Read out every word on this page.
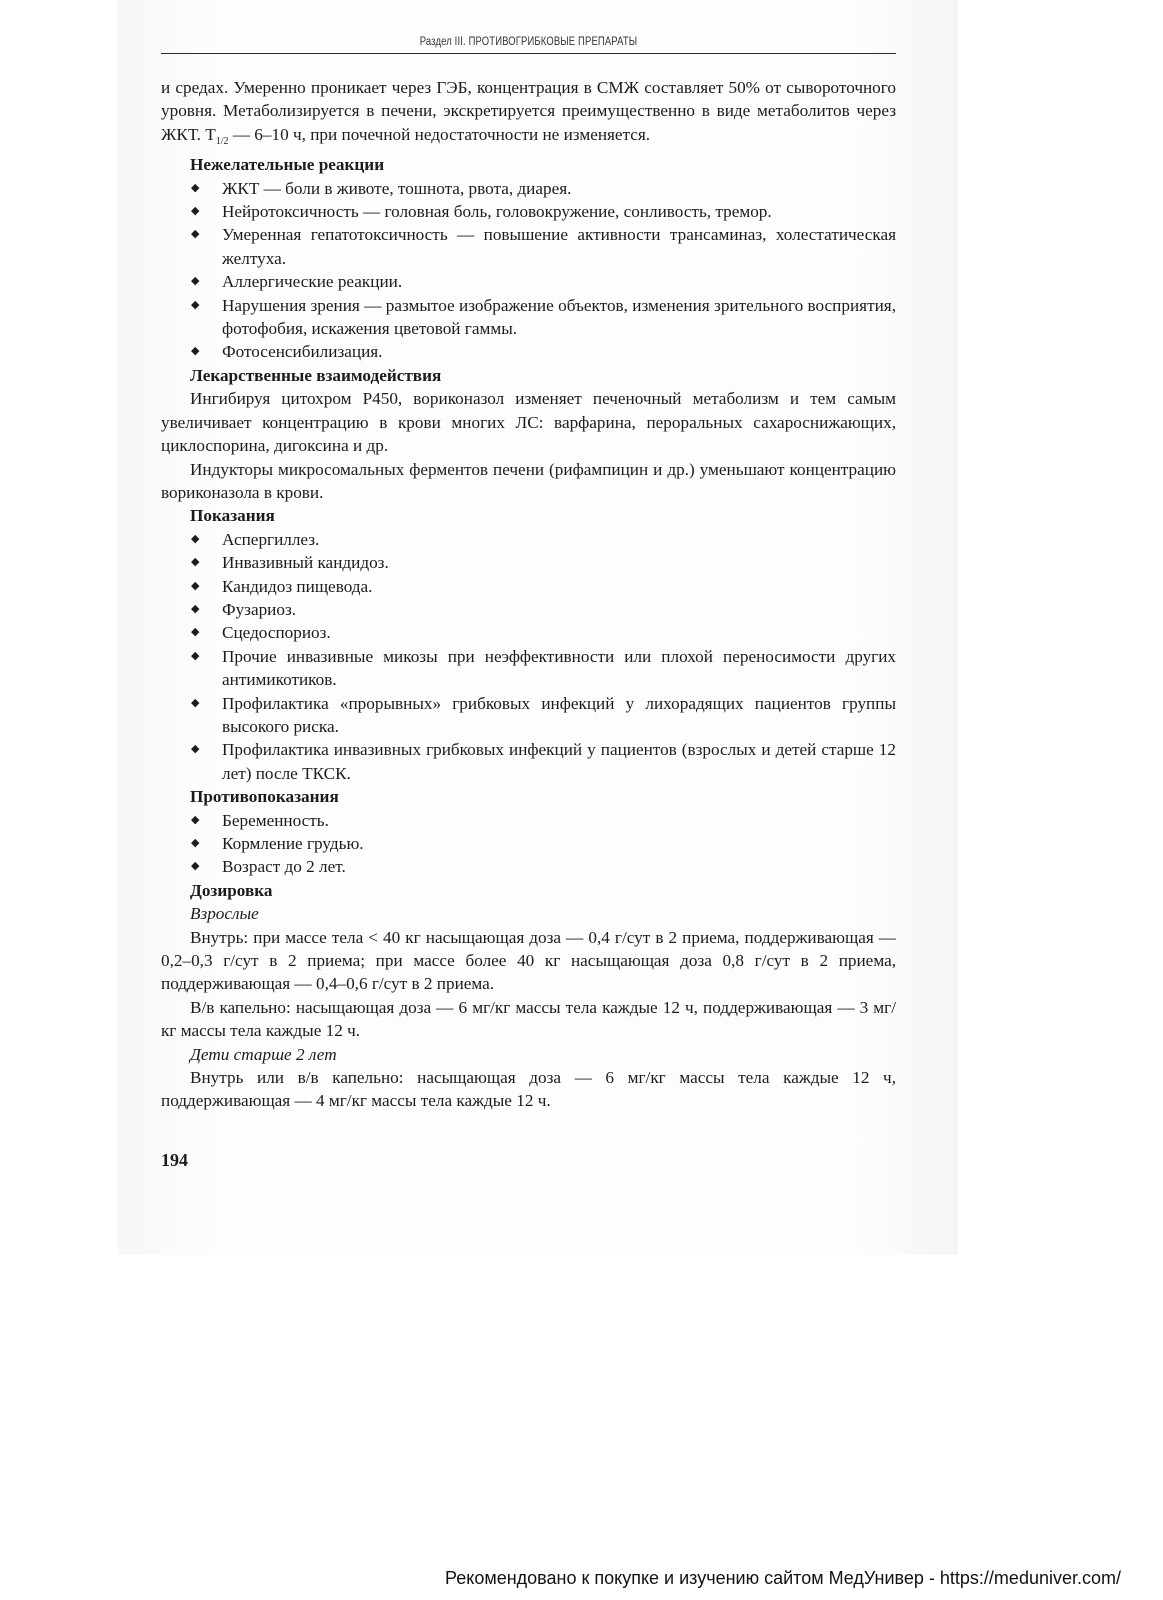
Раздел III. ПРОТИВОГРИБКОВЫЕ ПРЕПАРАТЫ

и средах. Умеренно проникает через ГЭБ, концентрация в СМЖ составляет 50% от сывороточного уровня. Метаболизируется в печени, экскретируется преимущественно в виде метаболитов через ЖКТ. $T_{1/2}$ — 6–10 ч, при почечной недостаточности не изменяется.

Нежелательные реакции
◆ ЖКТ — боли в животе, тошнота, рвота, диарея.
◆ Нейротоксичность — головная боль, головокружение, сонливость, тремор.
◆ Умеренная гепатотоксичность — повышение активности трансаминаз, холестатическая желтуха.
◆ Аллергические реакции.
◆ Нарушения зрения — размытое изображение объектов, изменения зрительного восприятия, фотофобия, искажения цветовой гаммы.
◆ Фотосенсибилизация.
Лекарственные взаимодействия

Ингибируя цитохром P450, вориконазол изменяет печеночный метаболизм и тем самым увеличивает концентрацию в крови многих ЛС: варфарина, пероральных сахароснижающих, циклоспорина, дигоксина и др.

Индукторы микросомальных ферментов печени (рифампицин и др.) уменьшают концентрацию вориконазола в крови.

Показания
◆ Аспергиллез.
◆ Инвазивный кандидоз.
◆ Кандидоз пищевода.
◆ Фузариоз.
◆ Сцедоспориоз.
◆ Прочие инвазивные микозы при неэффективности или плохой переносимости других антимикотиков.
◆ Профилактика «прорывных» грибковых инфекций у лихорадящих пациентов группы высокого риска.
◆ Профилактика инвазивных грибковых инфекций у пациентов (взрослых и детей старше 12 лет) после ТКСК.
Противопоказания
◆ Беременность.
◆ Кормление грудью.
◆ Возраст до 2 лет.
Дозировка
Взрослые

Внутрь: при массе тела < 40 кг насыщающая доза — 0,4 г/сут в 2 приема, поддерживающая — 0,2–0,3 г/сут в 2 приема; при массе более 40 кг насыщающая доза 0,8 г/сут в 2 приема, поддерживающая — 0,4–0,6 г/сут в 2 приема.

В/в капельно: насыщающая доза — 6 мг/кг массы тела каждые 12 ч, поддерживающая — 3 мг/кг массы тела каждые 12 ч.

Дети старше 2 лет

Внутрь или в/в капельно: насыщающая доза — 6 мг/кг массы тела каждые 12 ч, поддерживающая — 4 мг/кг массы тела каждые 12 ч.

194
Рекомендовано к покупке и изучению сайтом МедУнивер - https://meduniver.com/
